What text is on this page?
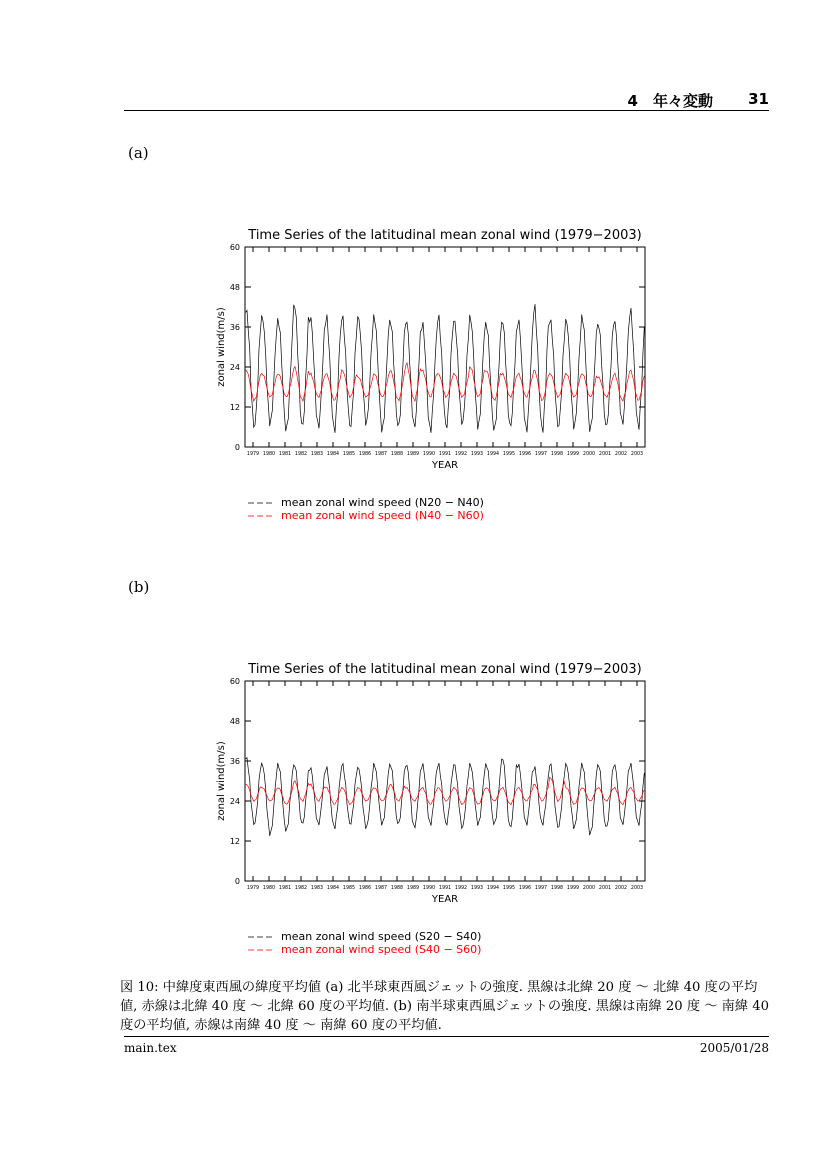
4　年々変動 31
(a)
Time Series of the latitudinal mean zonal wind (1979−2003)
0
12
24
36
48
60
1979 1980 1981 1982 1983 1984 1985 1986 1987 1988 1989 1990 1991 1992 1993 1994 1995 1996 1997 1998 1999 2000 2001 2002 2003
YEAR
zonal wind(m/s)
mean zonal wind speed (N20 − N40)
mean zonal wind speed (N40 − N60)
(b)
Time Series of the latitudinal mean zonal wind (1979−2003)
0
12
24
36
48
60
1979 1980 1981 1982 1983 1984 1985 1986 1987 1988 1989 1990 1991 1992 1993 1994 1995 1996 1997 1998 1999 2000 2001 2002 2003
YEAR
zonal wind(m/s)
mean zonal wind speed (S20 − S40)
mean zonal wind speed (S40 − S60)
図 10: 中緯度東西風の緯度平均値 (a) 北半球東西風ジェットの強度. 黒線は北緯 20 度 〜 北緯 40 度の平均値, 赤線は北緯 40 度 〜 北緯 60 度の平均値. (b) 南半球東西風ジェットの強度. 黒線は南緯 20 度 〜 南緯 40 度の平均値, 赤線は南緯 40 度 〜 南緯 60 度の平均値.
main.tex	2005/01/28
